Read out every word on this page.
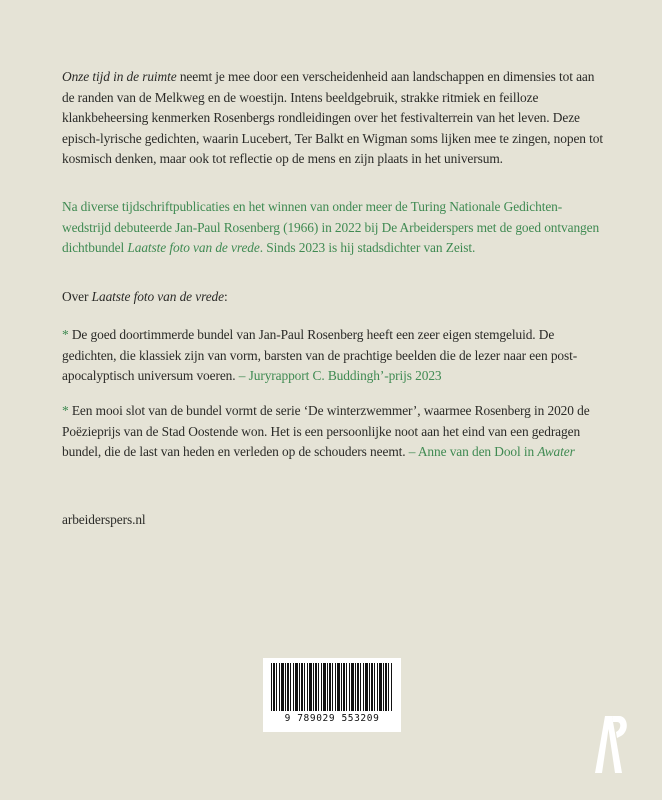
Onze tijd in de ruimte neemt je mee door een verscheidenheid aan landschappen en dimensies tot aan de randen van de Melkweg en de woestijn. Intens beeldgebruik, strakke ritmiek en feilloze klankbeheersing kenmerken Rosenbergs rondleidingen over het festivalterrein van het leven. Deze episch-lyrische gedichten, waarin Lucebert, Ter Balkt en Wigman soms lijken mee te zingen, nopen tot kosmisch denken, maar ook tot reflectie op de mens en zijn plaats in het universum.

Na diverse tijdschriftpublicaties en het winnen van onder meer de Turing Nationale Gedichten-wedstrijd debuteerde Jan-Paul Rosenberg (1966) in 2022 bij De Arbeiderspers met de goed ontvangen dichtbundel Laatste foto van de vrede. Sinds 2023 is hij stadsdichter van Zeist.

Over Laatste foto van de vrede:

* De goed doortimmerde bundel van Jan-Paul Rosenberg heeft een zeer eigen stemgeluid. De gedichten, die klassiek zijn van vorm, barsten van de prachtige beelden die de lezer naar een post-apocalyptisch universum voeren. – Juryrapport C. Buddingh’-prijs 2023

* Een mooi slot van de bundel vormt de serie ‘De winterzwemmer’, waarmee Rosenberg in 2020 de Poëzieprijs van de Stad Oostende won. Het is een persoonlijke noot aan het eind van een gedragen bundel, die de last van heden en verleden op de schouders neemt. – Anne van den Dool in Awater

arbeiderspers.nl

9 789029 553209
